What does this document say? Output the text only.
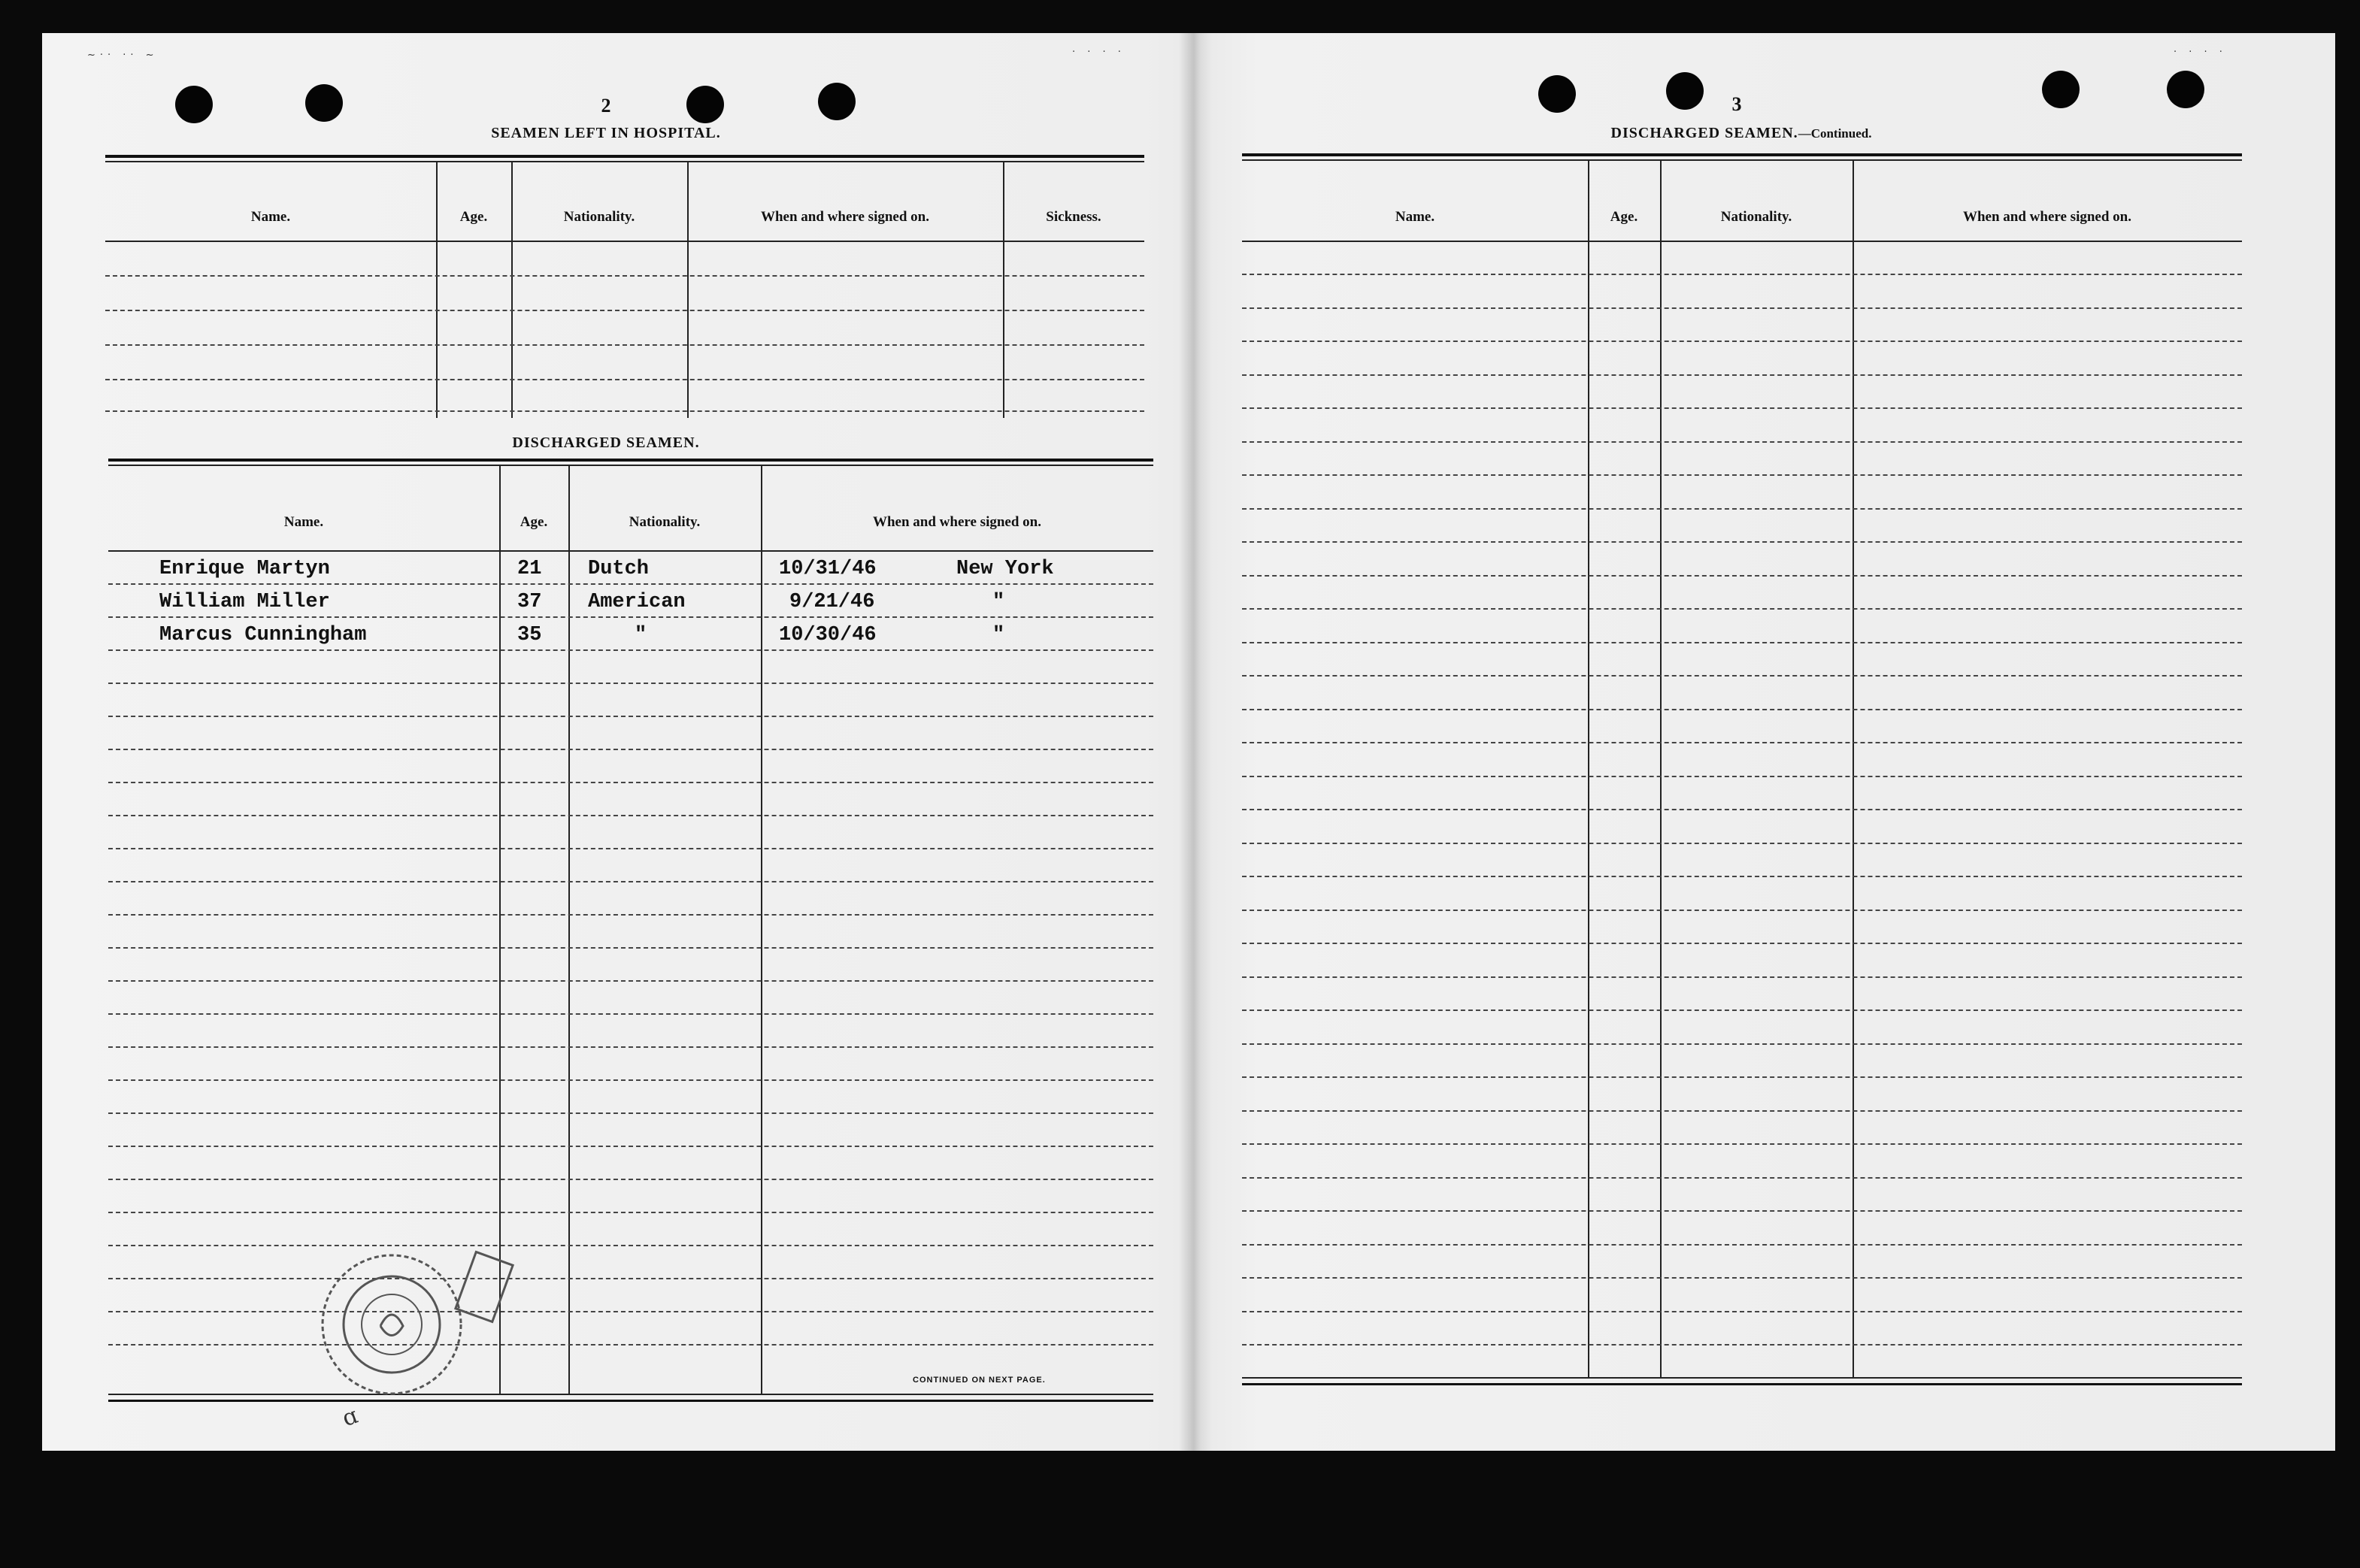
~·· ·· ~	· · · ·	· · · ·
2
SEAMEN LEFT IN HOSPITAL.
Name.	Age.	Nationality.	When and where signed on.	Sickness.
DISCHARGED SEAMEN.
Name.	Age.	Nationality.	When and where signed on.
Enrique Martyn	21 Dutch	10/31/46	New York
William Miller	37 American	9/21/46	"
Marcus Cunningham	35	"	10/30/46	"
CONTINUED ON NEXT PAGE.
ɑ
3
DISCHARGED SEAMEN.—Continued.
Name.	Age.	Nationality.	When and where signed on.
